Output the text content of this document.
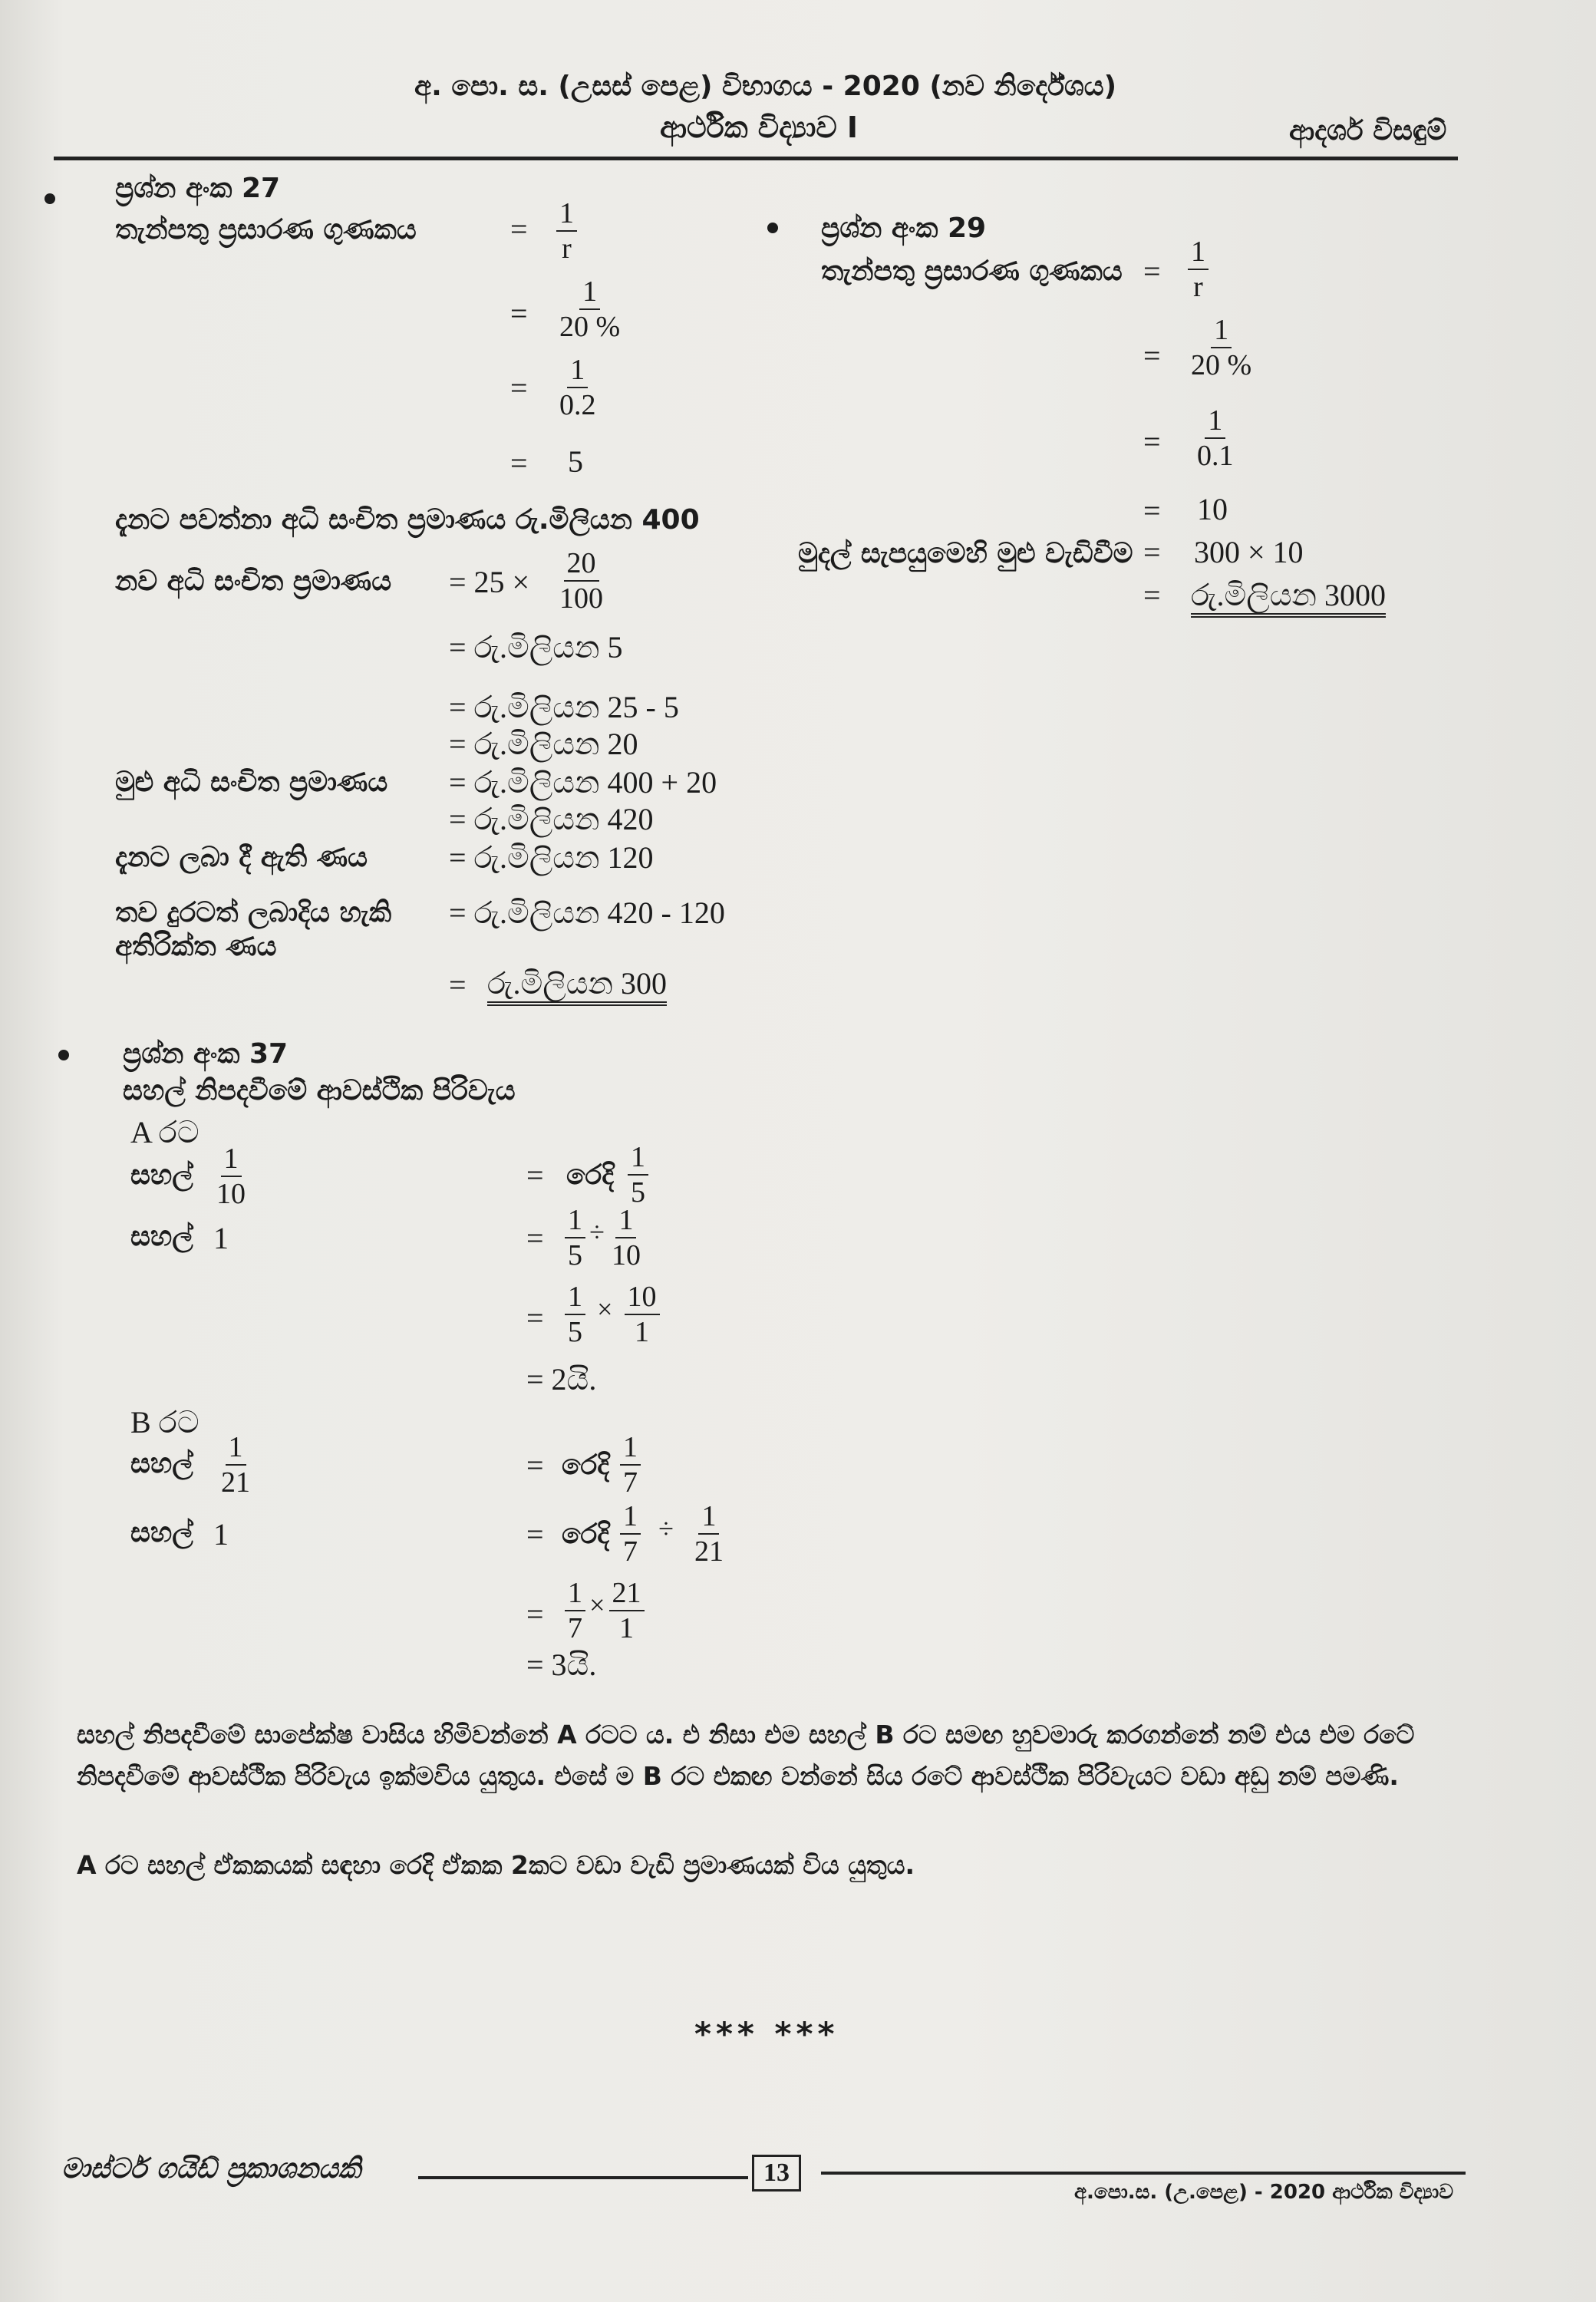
අ. පො. ස. (උසස් පෙළ) විභාගය - 2020 (නව නිර්දේශය)
ආර්ථික විද්‍යාව I	ආදර්ශ විසඳුම්
ප්‍රශ්න අංක 27
තැන්පතු ප්‍රසාරණ ගුණකය	= $\frac{1}{r}$
= $\frac{1}{20 \%}$
= $\frac{1}{0.2}$
= 5
දැනට පවත්නා අධි සංචිත ප්‍රමාණය රු.මිලියන 400
නව අධි සංචිත ප්‍රමාණය = $25 \times \frac{20}{100}$
= රු.මිලියන 5
= රු.මිලියන 25 - 5
= රු.මිලියන 20
මුළු අධි සංචිත ප්‍රමාණය = රු.මිලියන 400 + 20
= රු.මිලියන 420
දැනට ලබා දී ඇති ණය	= රු.මිලියන 120
තව දුරටත් ලබාදිය හැකි
අතිරික්ත ණය
= රු.මිලියන 420 - 120
= රු.මිලියන 300
ප්‍රශ්න අංක 29
තැන්පතු ප්‍රසාරණ ගුණකය = $\frac{1}{r}$
= $\frac{1}{20 \%}$
= $\frac{1}{0.1}$
= 10
මුදල් සැපයුමෙහි මුළු වැඩිවීම = 300 × 10
= රු.මිලියන 3000
ප්‍රශ්න අංක 37
සහල් නිපදවීමේ ආවස්ථික පිරිවැය
A රට
සහල් $\frac{1}{10}$	= රෙදි $\frac{1}{5}$
සහල් 1	= $\frac{1}{5} \div \frac{1}{10}$
= $\frac{1}{5} \times \frac{10}{1}$
= 2යි.
B රට
සහල් $\frac{1}{21}$	= රෙදි $\frac{1}{7}$
සහල් 1	= රෙදි $\frac{1}{7} \div \frac{1}{21}$
= $\frac{1}{7} \times \frac{21}{1}$
= 3යි.
සහල් නිපදවීමේ සාපේක්ෂ වාසිය හිමිවන්නේ A රටට ය. එ නිසා එම සහල් B රට සමඟ හුවමාරු කරගන්නේ නම් එය එම රටේ නිපදවීමේ ආවස්ථික පිරිවැය ඉක්මවිය යුතුය. එසේ ම B රට එකඟ වන්නේ සිය රටේ ආවස්ථික පිරිවැයට වඩා අඩු නම් පමණි.
A රට සහල් ඒකකයක් සඳහා රෙදි ඒකක 2කට වඩා වැඩි ප්‍රමාණයක් විය යුතුය.
*** ***
මාස්ටර් ගයිඩ් ප්‍රකාශනයකි	13
අ.පො.ස. (උ.පෙළ) - 2020 ආර්ථික විද්‍යාව
